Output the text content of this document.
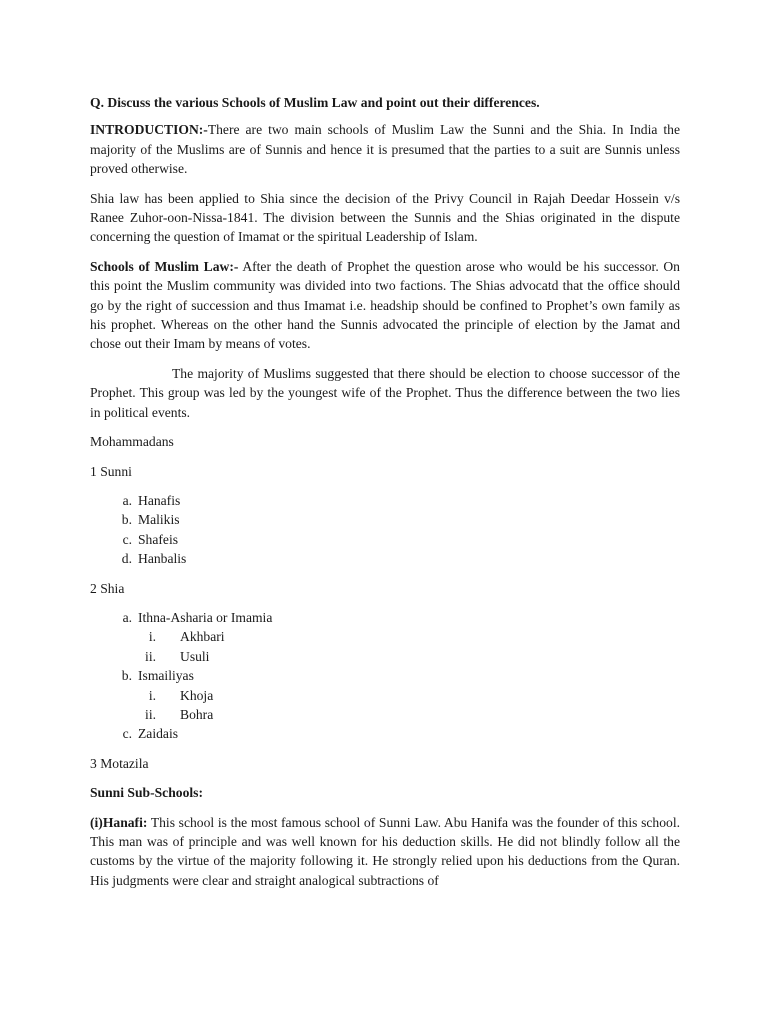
Q. Discuss the various Schools of Muslim Law and point out their differences.

INTRODUCTION:-There are two main schools of Muslim Law the Sunni and the Shia. In India the majority of the Muslims are of Sunnis and hence it is presumed that the parties to a suit are Sunnis unless proved otherwise.

Shia law has been applied to Shia since the decision of the Privy Council in Rajah Deedar Hossein v/s Ranee Zuhor-oon-Nissa-1841. The division between the Sunnis and the Shias originated in the dispute concerning the question of Imamat or the spiritual Leadership of Islam.

Schools of Muslim Law:- After the death of Prophet the question arose who would be his successor. On this point the Muslim community was divided into two factions. The Shias advocatd that the office should go by the right of succession and thus Imamat i.e. headship should be confined to Prophet’s own family as his prophet. Whereas on the other hand the Sunnis advocated the principle of election by the Jamat and chose out their Imam by means of votes.

The majority of Muslims suggested that there should be election to choose successor of the Prophet. This group was led by the youngest wife of the Prophet. Thus the difference between the two lies in political events.

Mohammadans

1 Sunni

a. Hanafis
b. Malikis
c. Shafeis
d. Hanbalis

2 Shia

a. Ithna-Asharia or Imamia
i.	Akhbari
ii.	Usuli
b. Ismailiyas
i.	Khoja
ii.	Bohra
c. Zaidais

3 Motazila

Sunni Sub-Schools:

(i)Hanafi: This school is the most famous school of Sunni Law. Abu Hanifa was the founder of this school. This man was of principle and was well known for his deduction skills. He did not blindly follow all the customs by the virtue of the majority following it. He strongly relied upon his deductions from the Quran. His judgments were clear and straight analogical subtractions of
